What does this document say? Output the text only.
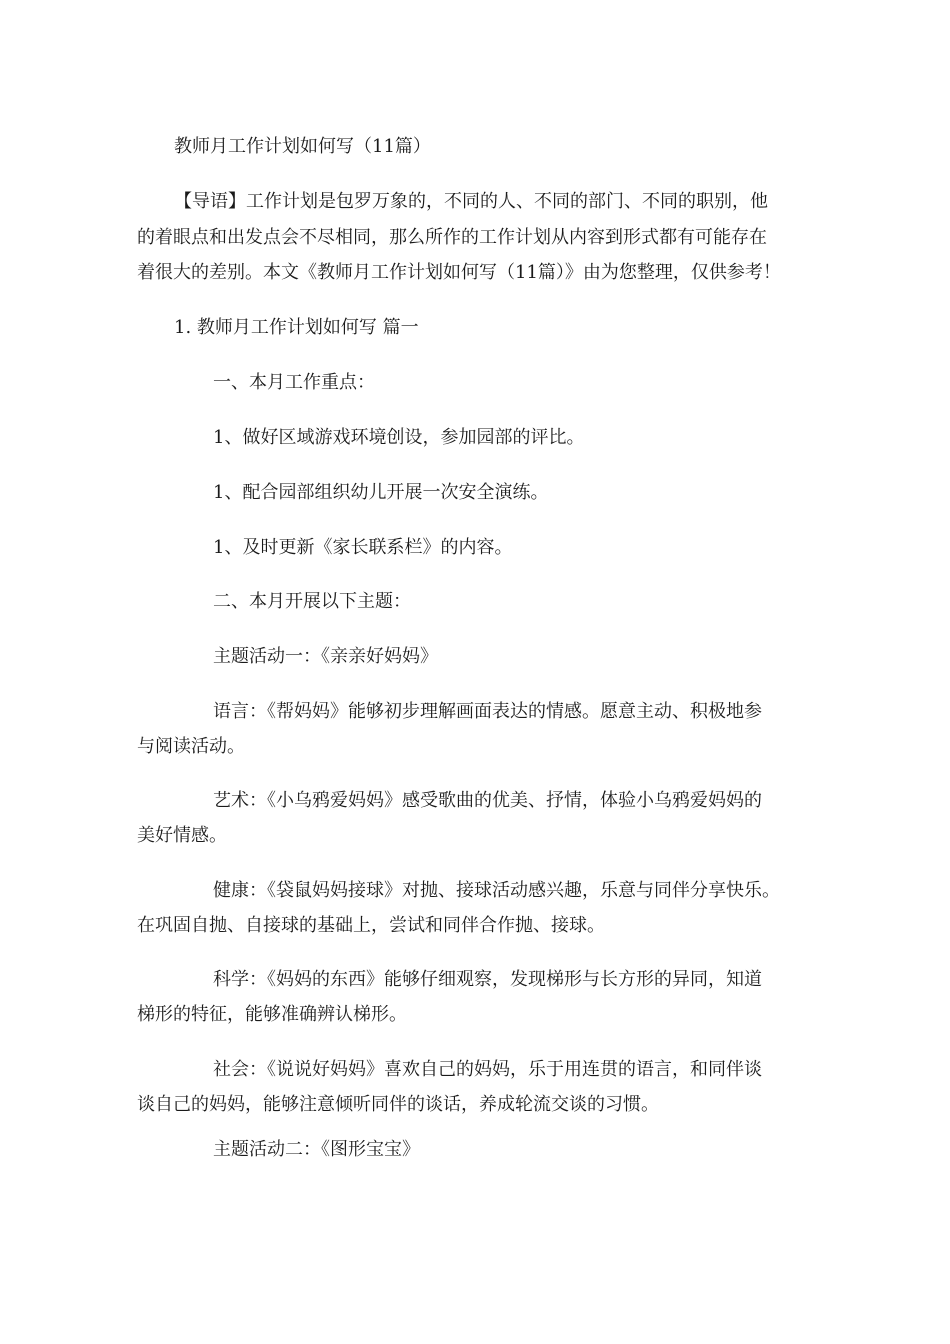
教师月工作计划如何写（11篇）
【导语】工作计划是包罗万象的，不同的人、不同的部门、不同的职别，他
的着眼点和出发点会不尽相同，那么所作的工作计划从内容到形式都有可能存在
着很大的差别。本文《教师月工作计划如何写（11篇）》由为您整理，仅供参考！
1. 教师月工作计划如何写 篇一
一、本月工作重点：
1、做好区域游戏环境创设，参加园部的评比。
1、配合园部组织幼儿开展一次安全演练。
1、及时更新《家长联系栏》的内容。
二、本月开展以下主题：
主题活动一：《亲亲好妈妈》
语言：《帮妈妈》能够初步理解画面表达的情感。愿意主动、积极地参
与阅读活动。
艺术：《小乌鸦爱妈妈》感受歌曲的优美、抒情，体验小乌鸦爱妈妈的
美好情感。
健康：《袋鼠妈妈接球》对抛、接球活动感兴趣，乐意与同伴分享快乐。
在巩固自抛、自接球的基础上，尝试和同伴合作抛、接球。
科学：《妈妈的东西》能够仔细观察，发现梯形与长方形的异同，知道
梯形的特征，能够准确辨认梯形。
社会：《说说好妈妈》喜欢自己的妈妈，乐于用连贯的语言，和同伴谈
谈自己的妈妈，能够注意倾听同伴的谈话，养成轮流交谈的习惯。
主题活动二：《图形宝宝》
